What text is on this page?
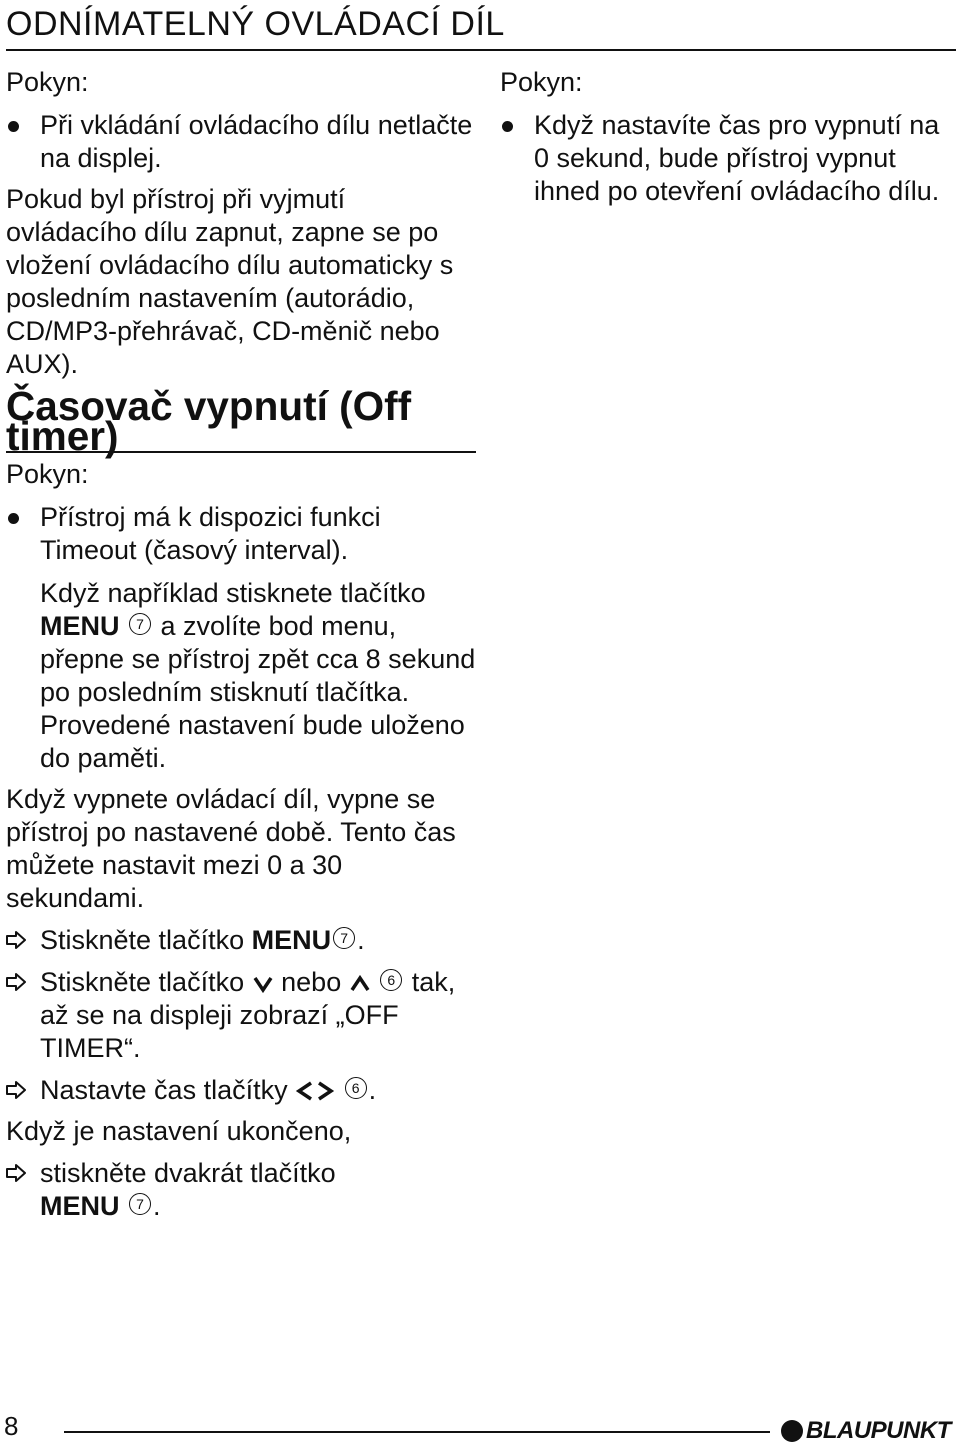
ODNÍMATELNÝ OVLÁDACÍ DÍL

Pokyn:

Při vkládání ovládacího dílu netlačte na displej.

Pokud byl přístroj při vyjmutí ovládacího dílu zapnut, zapne se po vložení ovládacího dílu automaticky s posledním nastavením (autorádio, CD/MP3-přehrávač, CD-měnič nebo AUX).

Časovač vypnutí (Off timer)

Pokyn:

Přístroj má k dispozici funkci Timeout (časový interval).

Když například stisknete tlačítko MENU 7 a zvolíte bod menu, přepne se přístroj zpět cca 8 sekund po posledním stisknutí tlačítka. Provedené nastavení bude uloženo do paměti.

Když vypnete ovládací díl, vypne se přístroj po nastavené době. Tento čas můžete nastavit mezi 0 a 30 sekundami.

Stiskněte tlačítko MENU 7 .

Stiskněte tlačítko nebo	6 tak, až se na displeji zobrazí „OFF TIMER“.

Nastavte čas tlačítky	6 .

Když je nastavení ukončeno,

stiskněte dvakrát tlačítko
MENU 7 .

Pokyn:

Když nastavíte čas pro vypnutí na 0 sekund, bude přístroj vypnut ihned po otevření ovládacího dílu.

8	BLAUPUNKT
